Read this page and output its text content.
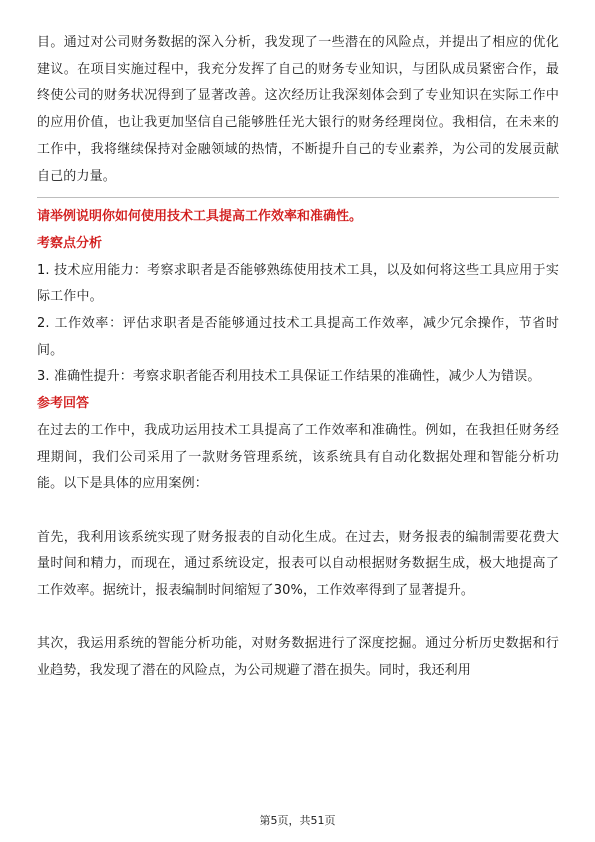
目。通过对公司财务数据的深入分析，我发现了一些潜在的风险点，并提出了相应的优化建议。在项目实施过程中，我充分发挥了自己的财务专业知识，与团队成员紧密合作，最终使公司的财务状况得到了显著改善。这次经历让我深刻体会到了专业知识在实际工作中的应用价值，也让我更加坚信自己能够胜任光大银行的财务经理岗位。我相信，在未来的工作中，我将继续保持对金融领域的热情，不断提升自己的专业素养，为公司的发展贡献自己的力量。

请举例说明你如何使用技术工具提高工作效率和准确性。

考察点分析

1. 技术应用能力：考察求职者是否能够熟练使用技术工具，以及如何将这些工具应用于实际工作中。

2. 工作效率：评估求职者是否能够通过技术工具提高工作效率，减少冗余操作，节省时间。

3. 准确性提升：考察求职者能否利用技术工具保证工作结果的准确性，减少人为错误。

参考回答

在过去的工作中，我成功运用技术工具提高了工作效率和准确性。例如，在我担任财务经理期间，我们公司采用了一款财务管理系统，该系统具有自动化数据处理和智能分析功能。以下是具体的应用案例：

首先，我利用该系统实现了财务报表的自动化生成。在过去，财务报表的编制需要花费大量时间和精力，而现在，通过系统设定，报表可以自动根据财务数据生成，极大地提高了工作效率。据统计，报表编制时间缩短了30%，工作效率得到了显著提升。

其次，我运用系统的智能分析功能，对财务数据进行了深度挖掘。通过分析历史数据和行业趋势，我发现了潜在的风险点，为公司规避了潜在损失。同时，我还利用

第5页，共51页
